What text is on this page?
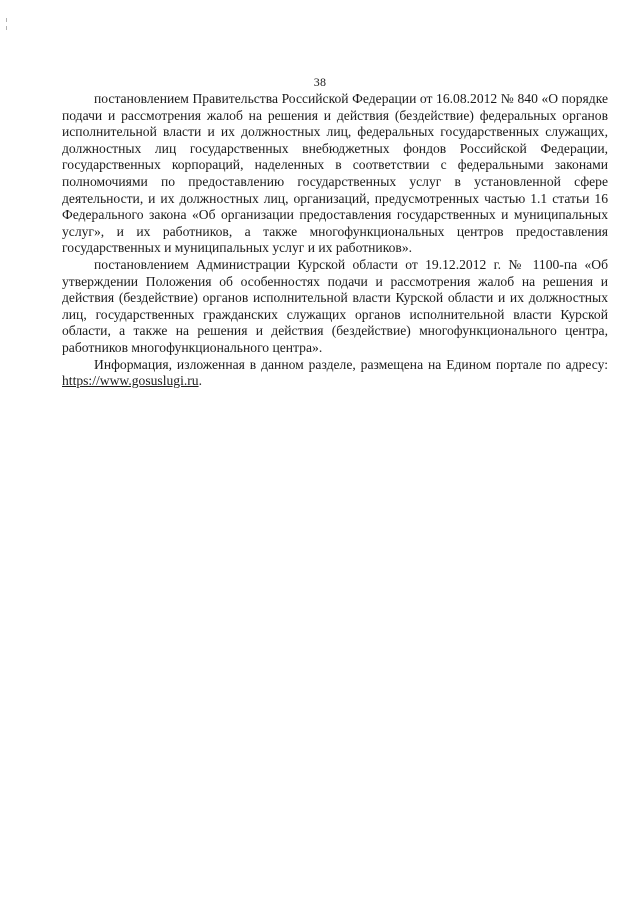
38

постановлением Правительства Российской Федерации от 16.08.2012 № 840 «О порядке подачи и рассмотрения жалоб на решения и действия (бездействие) федеральных органов исполнительной власти и их должностных лиц, федеральных государственных служащих, должностных лиц государственных внебюджетных фондов Российской Федерации, государственных корпораций, наделенных в соответствии с федеральными законами полномочиями по предоставлению государственных услуг в установленной сфере деятельности, и их должностных лиц, организаций, предусмотренных частью 1.1 статьи 16 Федерального закона «Об организации предоставления государственных и муниципальных услуг», и их работников, а также многофункциональных центров предоставления государственных и муниципальных услуг и их работников».

постановлением Администрации Курской области от 19.12.2012 г. № 1100-па «Об утверждении Положения об особенностях подачи и рассмотрения жалоб на решения и действия (бездействие) органов исполнительной власти Курской области и их должностных лиц, государственных гражданских служащих органов исполнительной власти Курской области, а также на решения и действия (бездействие) многофункционального центра, работников многофункционального центра».

Информация, изложенная в данном разделе, размещена на Едином портале по адресу: https://www.gosuslugi.ru.
